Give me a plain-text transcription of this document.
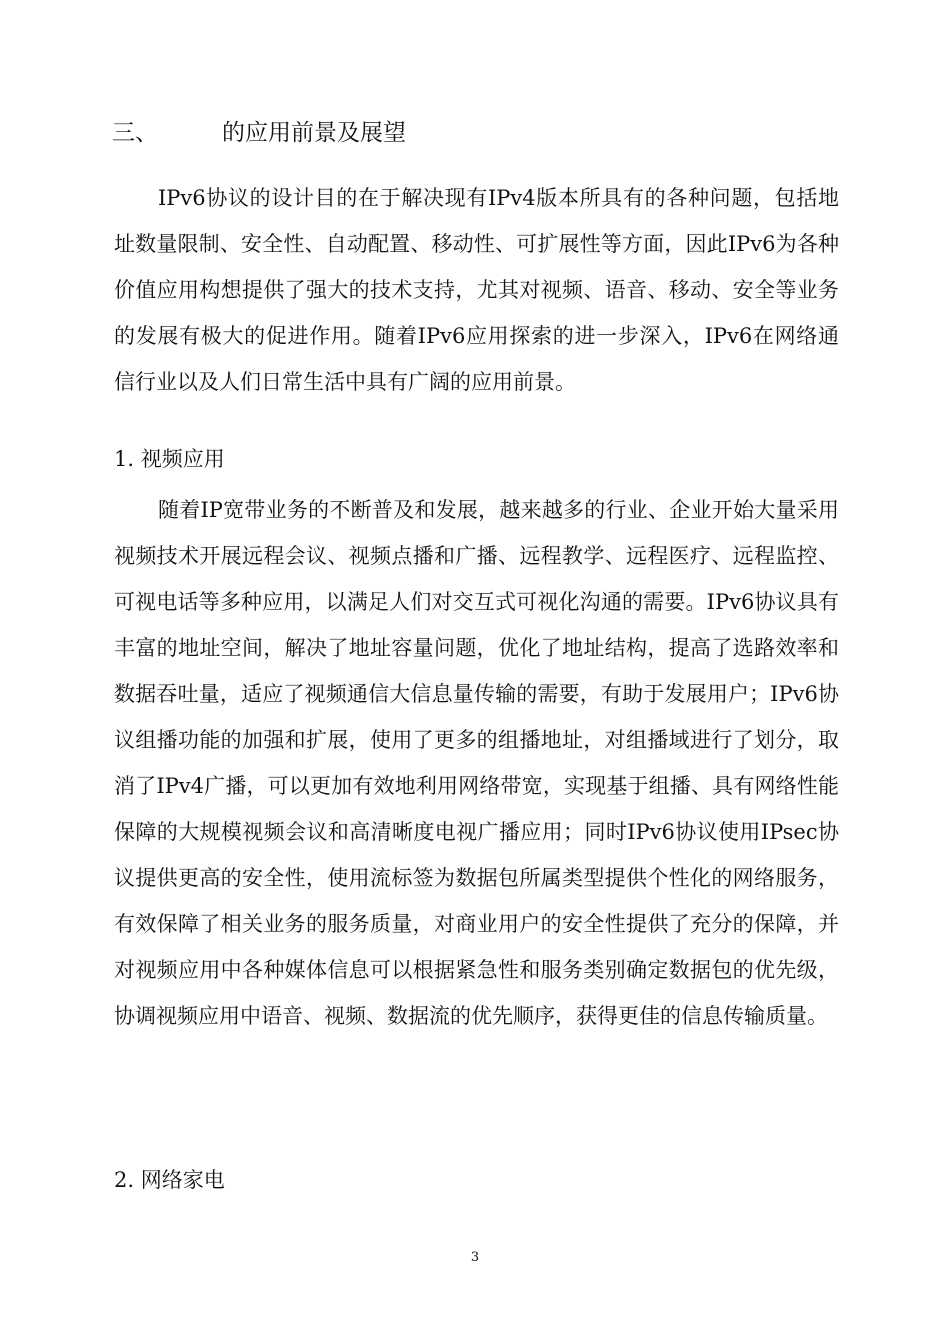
三、	的应用前景及展望

IPv6协议的设计目的在于解决现有IPv4版本所具有的各种问题，包括地址数量限制、安全性、自动配置、移动性、可扩展性等方面，因此IPv6为各种价值应用构想提供了强大的技术支持，尤其对视频、语音、移动、安全等业务的发展有极大的促进作用。随着IPv6应用探索的进一步深入，IPv6在网络通信行业以及人们日常生活中具有广阔的应用前景。

1. 视频应用

随着IP宽带业务的不断普及和发展，越来越多的行业、企业开始大量采用视频技术开展远程会议、视频点播和广播、远程教学、远程医疗、远程监控、可视电话等多种应用，以满足人们对交互式可视化沟通的需要。IPv6协议具有丰富的地址空间，解决了地址容量问题，优化了地址结构，提高了选路效率和数据吞吐量，适应了视频通信大信息量传输的需要，有助于发展用户；IPv6协议组播功能的加强和扩展，使用了更多的组播地址，对组播域进行了划分，取消了IPv4广播，可以更加有效地利用网络带宽，实现基于组播、具有网络性能保障的大规模视频会议和高清晰度电视广播应用；同时IPv6协议使用IPsec协议提供更高的安全性，使用流标签为数据包所属类型提供个性化的网络服务，有效保障了相关业务的服务质量，对商业用户的安全性提供了充分的保障，并对视频应用中各种媒体信息可以根据紧急性和服务类别确定数据包的优先级，协调视频应用中语音、视频、数据流的优先顺序，获得更佳的信息传输质量。

2. 网络家电

3
